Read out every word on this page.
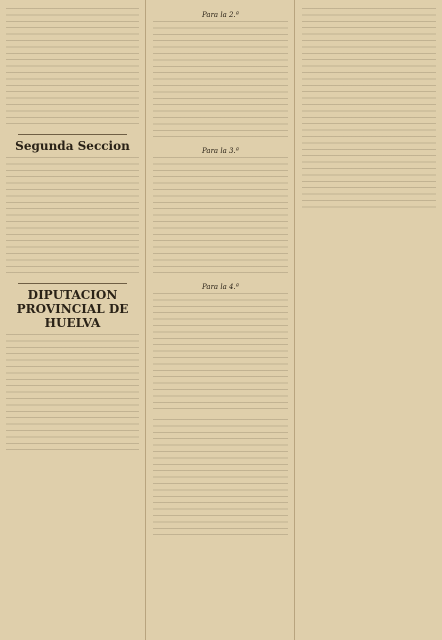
Segunda Seccion
DIPUTACION PROVINCIAL DE HUELVA
Para la 2.ª
Para la 3.ª
Para la 4.ª
